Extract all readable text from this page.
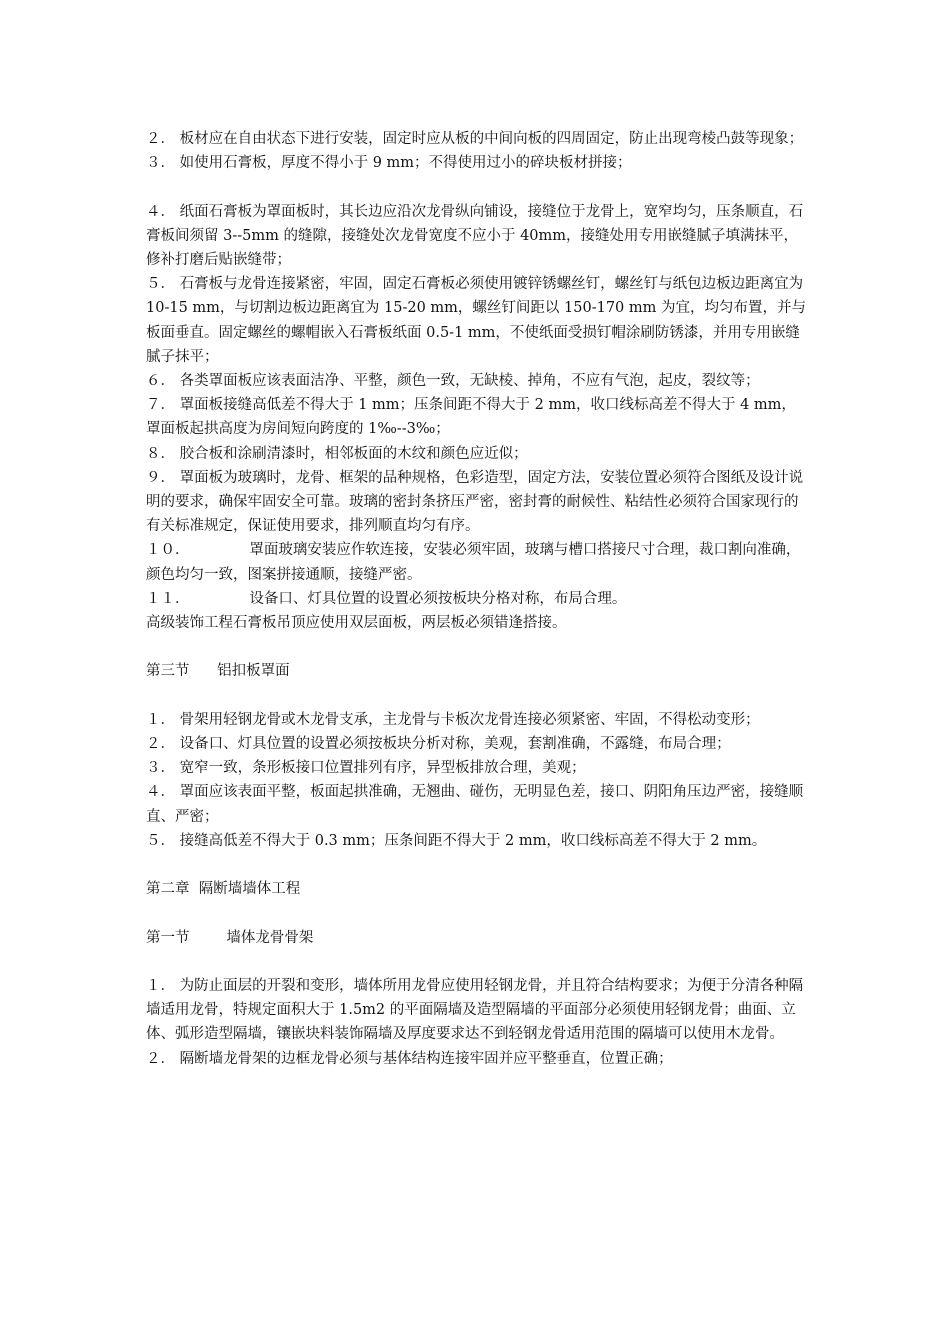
２． 板材应在自由状态下进行安装，固定时应从板的中间向板的四周固定，防止出现弯棱凸鼓等现象；
３． 如使用石膏板，厚度不得小于 9 mm；不得使用过小的碎块板材拼接；
４． 纸面石膏板为罩面板时，其长边应沿次龙骨纵向铺设，接缝位于龙骨上，宽窄均匀，压条顺直，石膏板间须留 3--5mm 的缝隙，接缝处次龙骨宽度不应小于 40mm，接缝处用专用嵌缝腻子填满抹平，修补打磨后贴嵌缝带；
５． 石膏板与龙骨连接紧密，牢固，固定石膏板必须使用镀锌锈螺丝钉，螺丝钉与纸包边板边距离宜为 10-15 mm，与切割边板边距离宜为 15-20 mm，螺丝钉间距以 150-170 mm 为宜，均匀布置，并与板面垂直。固定螺丝的螺帽嵌入石膏板纸面 0.5-1 mm，不使纸面受损钉帽涂刷防锈漆，并用专用嵌缝腻子抹平；
６． 各类罩面板应该表面洁净、平整，颜色一致，无缺棱、掉角，不应有气泡，起皮，裂纹等；
７． 罩面板接缝高低差不得大于 1 mm；压条间距不得大于 2 mm，收口线标高差不得大于 4 mm，罩面板起拱高度为房间短向跨度的 1‰--3‰；
８． 胶合板和涂刷清漆时，相邻板面的木纹和颜色应近似；
９． 罩面板为玻璃时，龙骨、框架的品种规格，色彩造型，固定方法，安装位置必须符合图纸及设计说明的要求，确保牢固安全可靠。玻璃的密封条挤压严密，密封膏的耐候性、粘结性必须符合国家现行的有关标准规定，保证使用要求，排列顺直均匀有序。
１０．             罩面玻璃安装应作软连接，安装必须牢固，玻璃与槽口搭接尺寸合理，裁口割向准确，颜色均匀一致，图案拼接通顺，接缝严密。
１１．             设备口、灯具位置的设置必须按板块分格对称，布局合理。
高级装饰工程石膏板吊顶应使用双层面板，两层板必须错逢搭接。
第三节      铝扣板罩面
１． 骨架用轻钢龙骨或木龙骨支承，主龙骨与卡板次龙骨连接必须紧密、牢固，不得松动变形；
２． 设备口、灯具位置的设置必须按板块分析对称，美观，套割准确，不露缝，布局合理；
３． 宽窄一致，条形板接口位置排列有序，异型板排放合理，美观；
４． 罩面应该表面平整，板面起拱准确，无翘曲、碰伤，无明显色差，接口、阴阳角压边严密，接缝顺直、严密；
５． 接缝高低差不得大于 0.3 mm；压条间距不得大于 2 mm，收口线标高差不得大于 2 mm。
第二章  隔断墙墙体工程
第一节        墙体龙骨骨架
１． 为防止面层的开裂和变形，墙体所用龙骨应使用轻钢龙骨，并且符合结构要求；为便于分清各种隔墙适用龙骨，特规定面积大于 1.5m2 的平面隔墙及造型隔墙的平面部分必须使用轻钢龙骨；曲面、立体、弧形造型隔墙，镶嵌块料装饰隔墙及厚度要求达不到轻钢龙骨适用范围的隔墙可以使用木龙骨。
２． 隔断墙龙骨架的边框龙骨必须与基体结构连接牢固并应平整垂直，位置正确；
